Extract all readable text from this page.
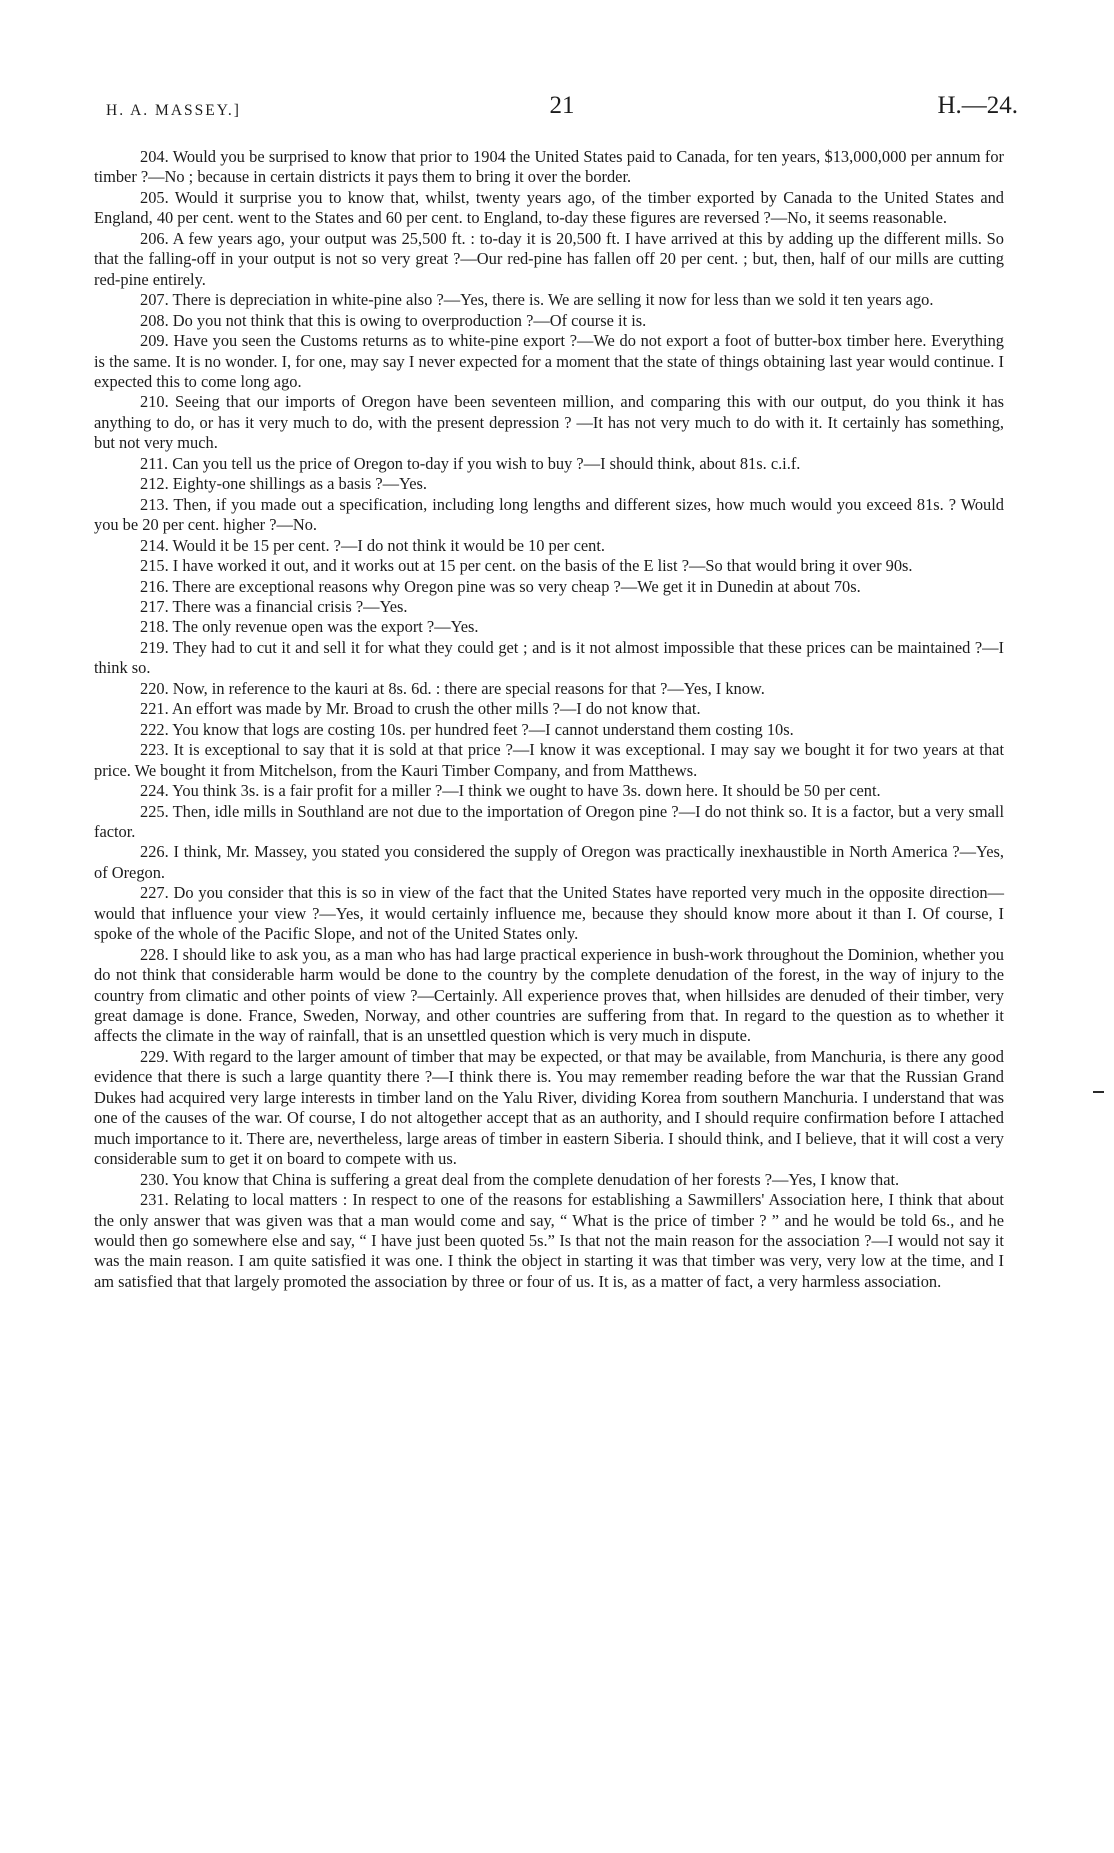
H. A. MASSEY.]	21	H.—24.

204. Would you be surprised to know that prior to 1904 the United States paid to Canada, for ten years, $13,000,000 per annum for timber ?—No ; because in certain districts it pays them to bring it over the border.

205. Would it surprise you to know that, whilst, twenty years ago, of the timber exported by Canada to the United States and England, 40 per cent. went to the States and 60 per cent. to England, to-day these figures are reversed ?—No, it seems reasonable.

206. A few years ago, your output was 25,500 ft. : to-day it is 20,500 ft. I have arrived at this by adding up the different mills. So that the falling-off in your output is not so very great ?—Our red-pine has fallen off 20 per cent. ; but, then, half of our mills are cutting red-pine entirely.

207. There is depreciation in white-pine also ?—Yes, there is. We are selling it now for less than we sold it ten years ago.

208. Do you not think that this is owing to overproduction ?—Of course it is.

209. Have you seen the Customs returns as to white-pine export ?—We do not export a foot of butter-box timber here. Everything is the same. It is no wonder. I, for one, may say I never expected for a moment that the state of things obtaining last year would continue. I expected this to come long ago.

210. Seeing that our imports of Oregon have been seventeen million, and comparing this with our output, do you think it has anything to do, or has it very much to do, with the present depression ? —It has not very much to do with it. It certainly has something, but not very much.

211. Can you tell us the price of Oregon to-day if you wish to buy ?—I should think, about 81s. c.i.f.

212. Eighty-one shillings as a basis ?—Yes.

213. Then, if you made out a specification, including long lengths and different sizes, how much would you exceed 81s. ? Would you be 20 per cent. higher ?—No.

214. Would it be 15 per cent. ?—I do not think it would be 10 per cent.

215. I have worked it out, and it works out at 15 per cent. on the basis of the E list ?—So that would bring it over 90s.

216. There are exceptional reasons why Oregon pine was so very cheap ?—We get it in Dunedin at about 70s.

217. There was a financial crisis ?—Yes.

218. The only revenue open was the export ?—Yes.

219. They had to cut it and sell it for what they could get ; and is it not almost impossible that these prices can be maintained ?—I think so.

220. Now, in reference to the kauri at 8s. 6d. : there are special reasons for that ?—Yes, I know.

221. An effort was made by Mr. Broad to crush the other mills ?—I do not know that.

222. You know that logs are costing 10s. per hundred feet ?—I cannot understand them costing 10s.

223. It is exceptional to say that it is sold at that price ?—I know it was exceptional. I may say we bought it for two years at that price. We bought it from Mitchelson, from the Kauri Timber Company, and from Matthews.

224. You think 3s. is a fair profit for a miller ?—I think we ought to have 3s. down here. It should be 50 per cent.

225. Then, idle mills in Southland are not due to the importation of Oregon pine ?—I do not think so. It is a factor, but a very small factor.

226. I think, Mr. Massey, you stated you considered the supply of Oregon was practically inexhaustible in North America ?—Yes, of Oregon.

227. Do you consider that this is so in view of the fact that the United States have reported very much in the opposite direction—would that influence your view ?—Yes, it would certainly influence me, because they should know more about it than I. Of course, I spoke of the whole of the Pacific Slope, and not of the United States only.

228. I should like to ask you, as a man who has had large practical experience in bush-work throughout the Dominion, whether you do not think that considerable harm would be done to the country by the complete denudation of the forest, in the way of injury to the country from climatic and other points of view ?—Certainly. All experience proves that, when hillsides are denuded of their timber, very great damage is done. France, Sweden, Norway, and other countries are suffering from that. In regard to the question as to whether it affects the climate in the way of rainfall, that is an unsettled question which is very much in dispute.

229. With regard to the larger amount of timber that may be expected, or that may be available, from Manchuria, is there any good evidence that there is such a large quantity there ?—I think there is. You may remember reading before the war that the Russian Grand Dukes had acquired very large interests in timber land on the Yalu River, dividing Korea from southern Manchuria. I understand that was one of the causes of the war. Of course, I do not altogether accept that as an authority, and I should require confirmation before I attached much importance to it. There are, nevertheless, large areas of timber in eastern Siberia. I should think, and I believe, that it will cost a very considerable sum to get it on board to compete with us.

230. You know that China is suffering a great deal from the complete denudation of her forests ?—Yes, I know that.

231. Relating to local matters : In respect to one of the reasons for establishing a Sawmillers' Association here, I think that about the only answer that was given was that a man would come and say, “ What is the price of timber ? ” and he would be told 6s., and he would then go somewhere else and say, “ I have just been quoted 5s.” Is that not the main reason for the association ?—I would not say it was the main reason. I am quite satisfied it was one. I think the object in starting it was that timber was very, very low at the time, and I am satisfied that that largely promoted the association by three or four of us. It is, as a matter of fact, a very harmless association.
